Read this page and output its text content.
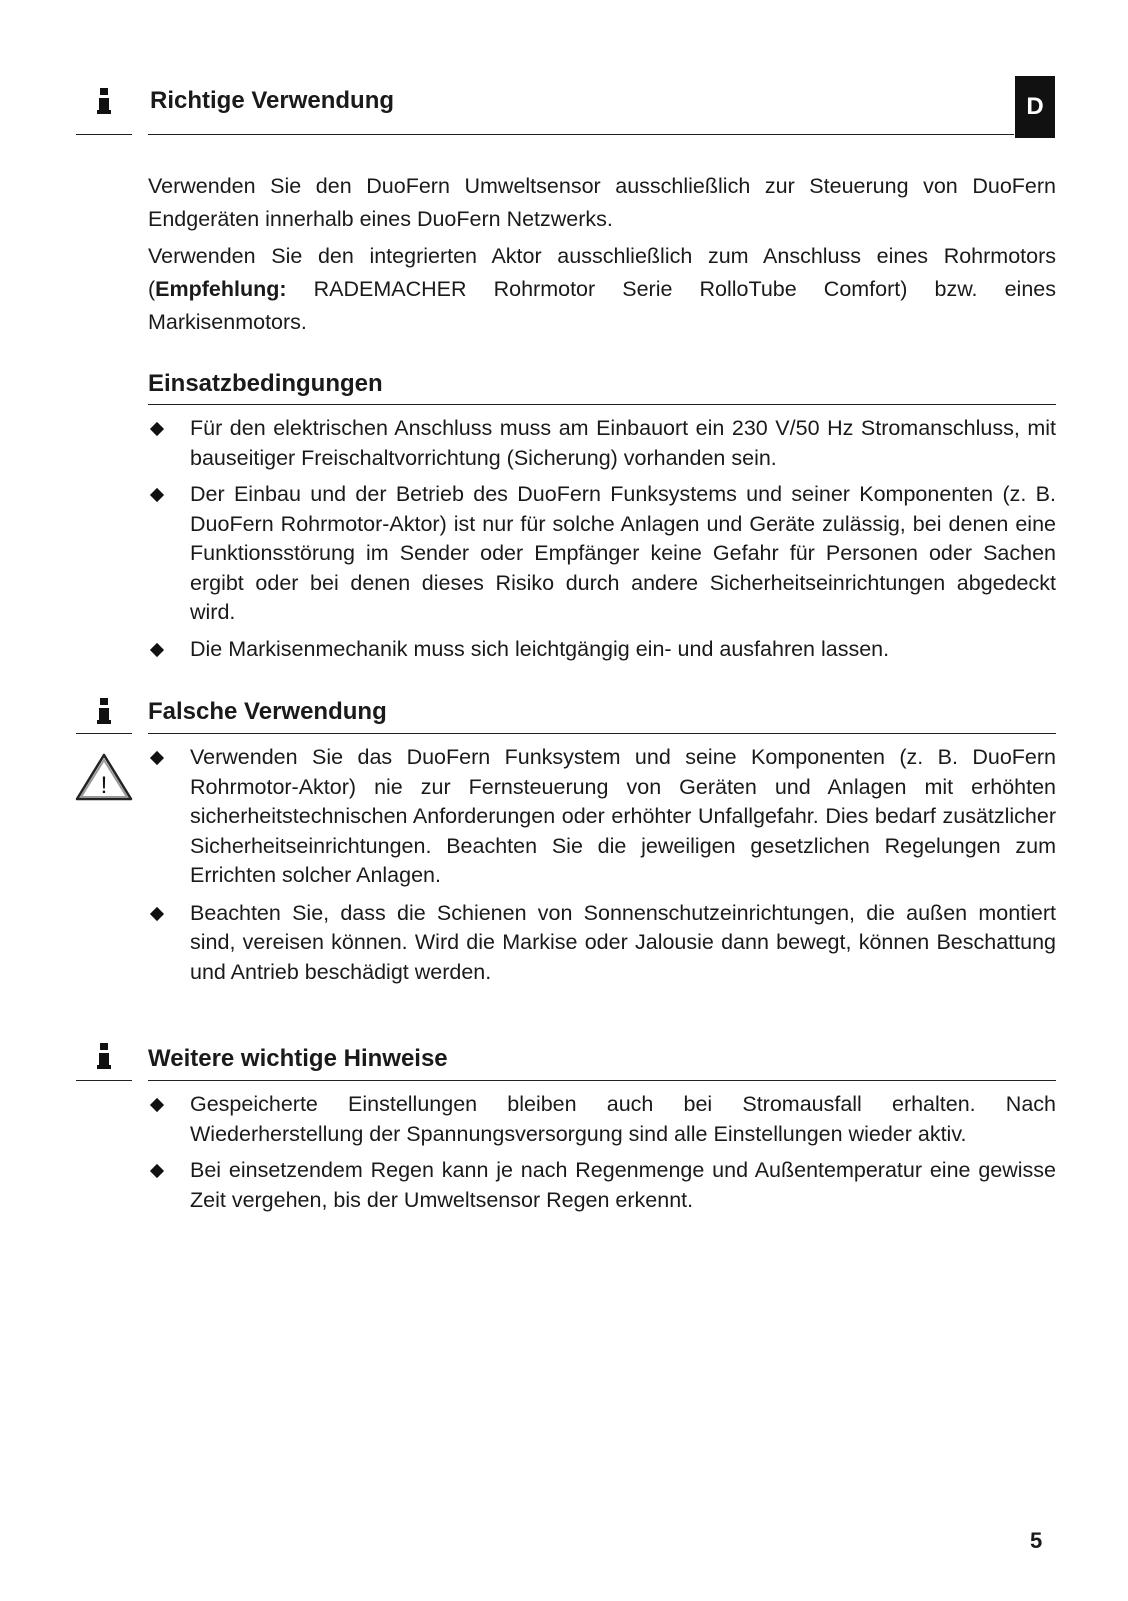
Richtige Verwendung	D

Verwenden Sie den DuoFern Umweltsensor ausschließlich zur Steuerung von DuoFern Endgeräten innerhalb eines DuoFern Netzwerks.

Verwenden Sie den integrierten Aktor ausschließlich zum Anschluss eines Rohrmotors (Empfehlung: RADEMACHER Rohrmotor Serie RolloTube Comfort) bzw. eines Markisenmotors.

Einsatzbedingungen
Für den elektrischen Anschluss muss am Einbauort ein 230 V/50 Hz Stromanschluss, mit bauseitiger Freischaltvorrichtung (Sicherung) vorhanden sein.
Der Einbau und der Betrieb des DuoFern Funksystems und seiner Komponenten (z. B. DuoFern Rohrmotor-Aktor) ist nur für solche Anlagen und Geräte zulässig, bei denen eine Funktionsstörung im Sender oder Empfänger keine Gefahr für Personen oder Sachen ergibt oder bei denen dieses Risiko durch andere Sicherheitseinrichtungen abgedeckt wird.
Die Markisenmechanik muss sich leichtgängig ein- und ausfahren lassen.
Falsche Verwendung
!
Verwenden Sie das DuoFern Funksystem und seine Komponenten (z. B. DuoFern Rohrmotor-Aktor) nie zur Fernsteuerung von Geräten und Anlagen mit erhöhten sicherheitstechnischen Anforderungen oder erhöhter Unfallgefahr. Dies bedarf zusätzlicher Sicherheitseinrichtungen. Beachten Sie die jeweiligen gesetzlichen Regelungen zum Errichten solcher Anlagen.
Beachten Sie, dass die Schienen von Sonnenschutzeinrichtungen, die außen montiert sind, vereisen können. Wird die Markise oder Jalousie dann bewegt, können Beschattung und Antrieb beschädigt werden.
Weitere wichtige Hinweise
Gespeicherte Einstellungen bleiben auch bei Stromausfall erhalten. Nach Wiederherstellung der Spannungsversorgung sind alle Einstellungen wieder aktiv.
Bei einsetzendem Regen kann je nach Regenmenge und Außentemperatur eine gewisse Zeit vergehen, bis der Umweltsensor Regen erkennt.
5
